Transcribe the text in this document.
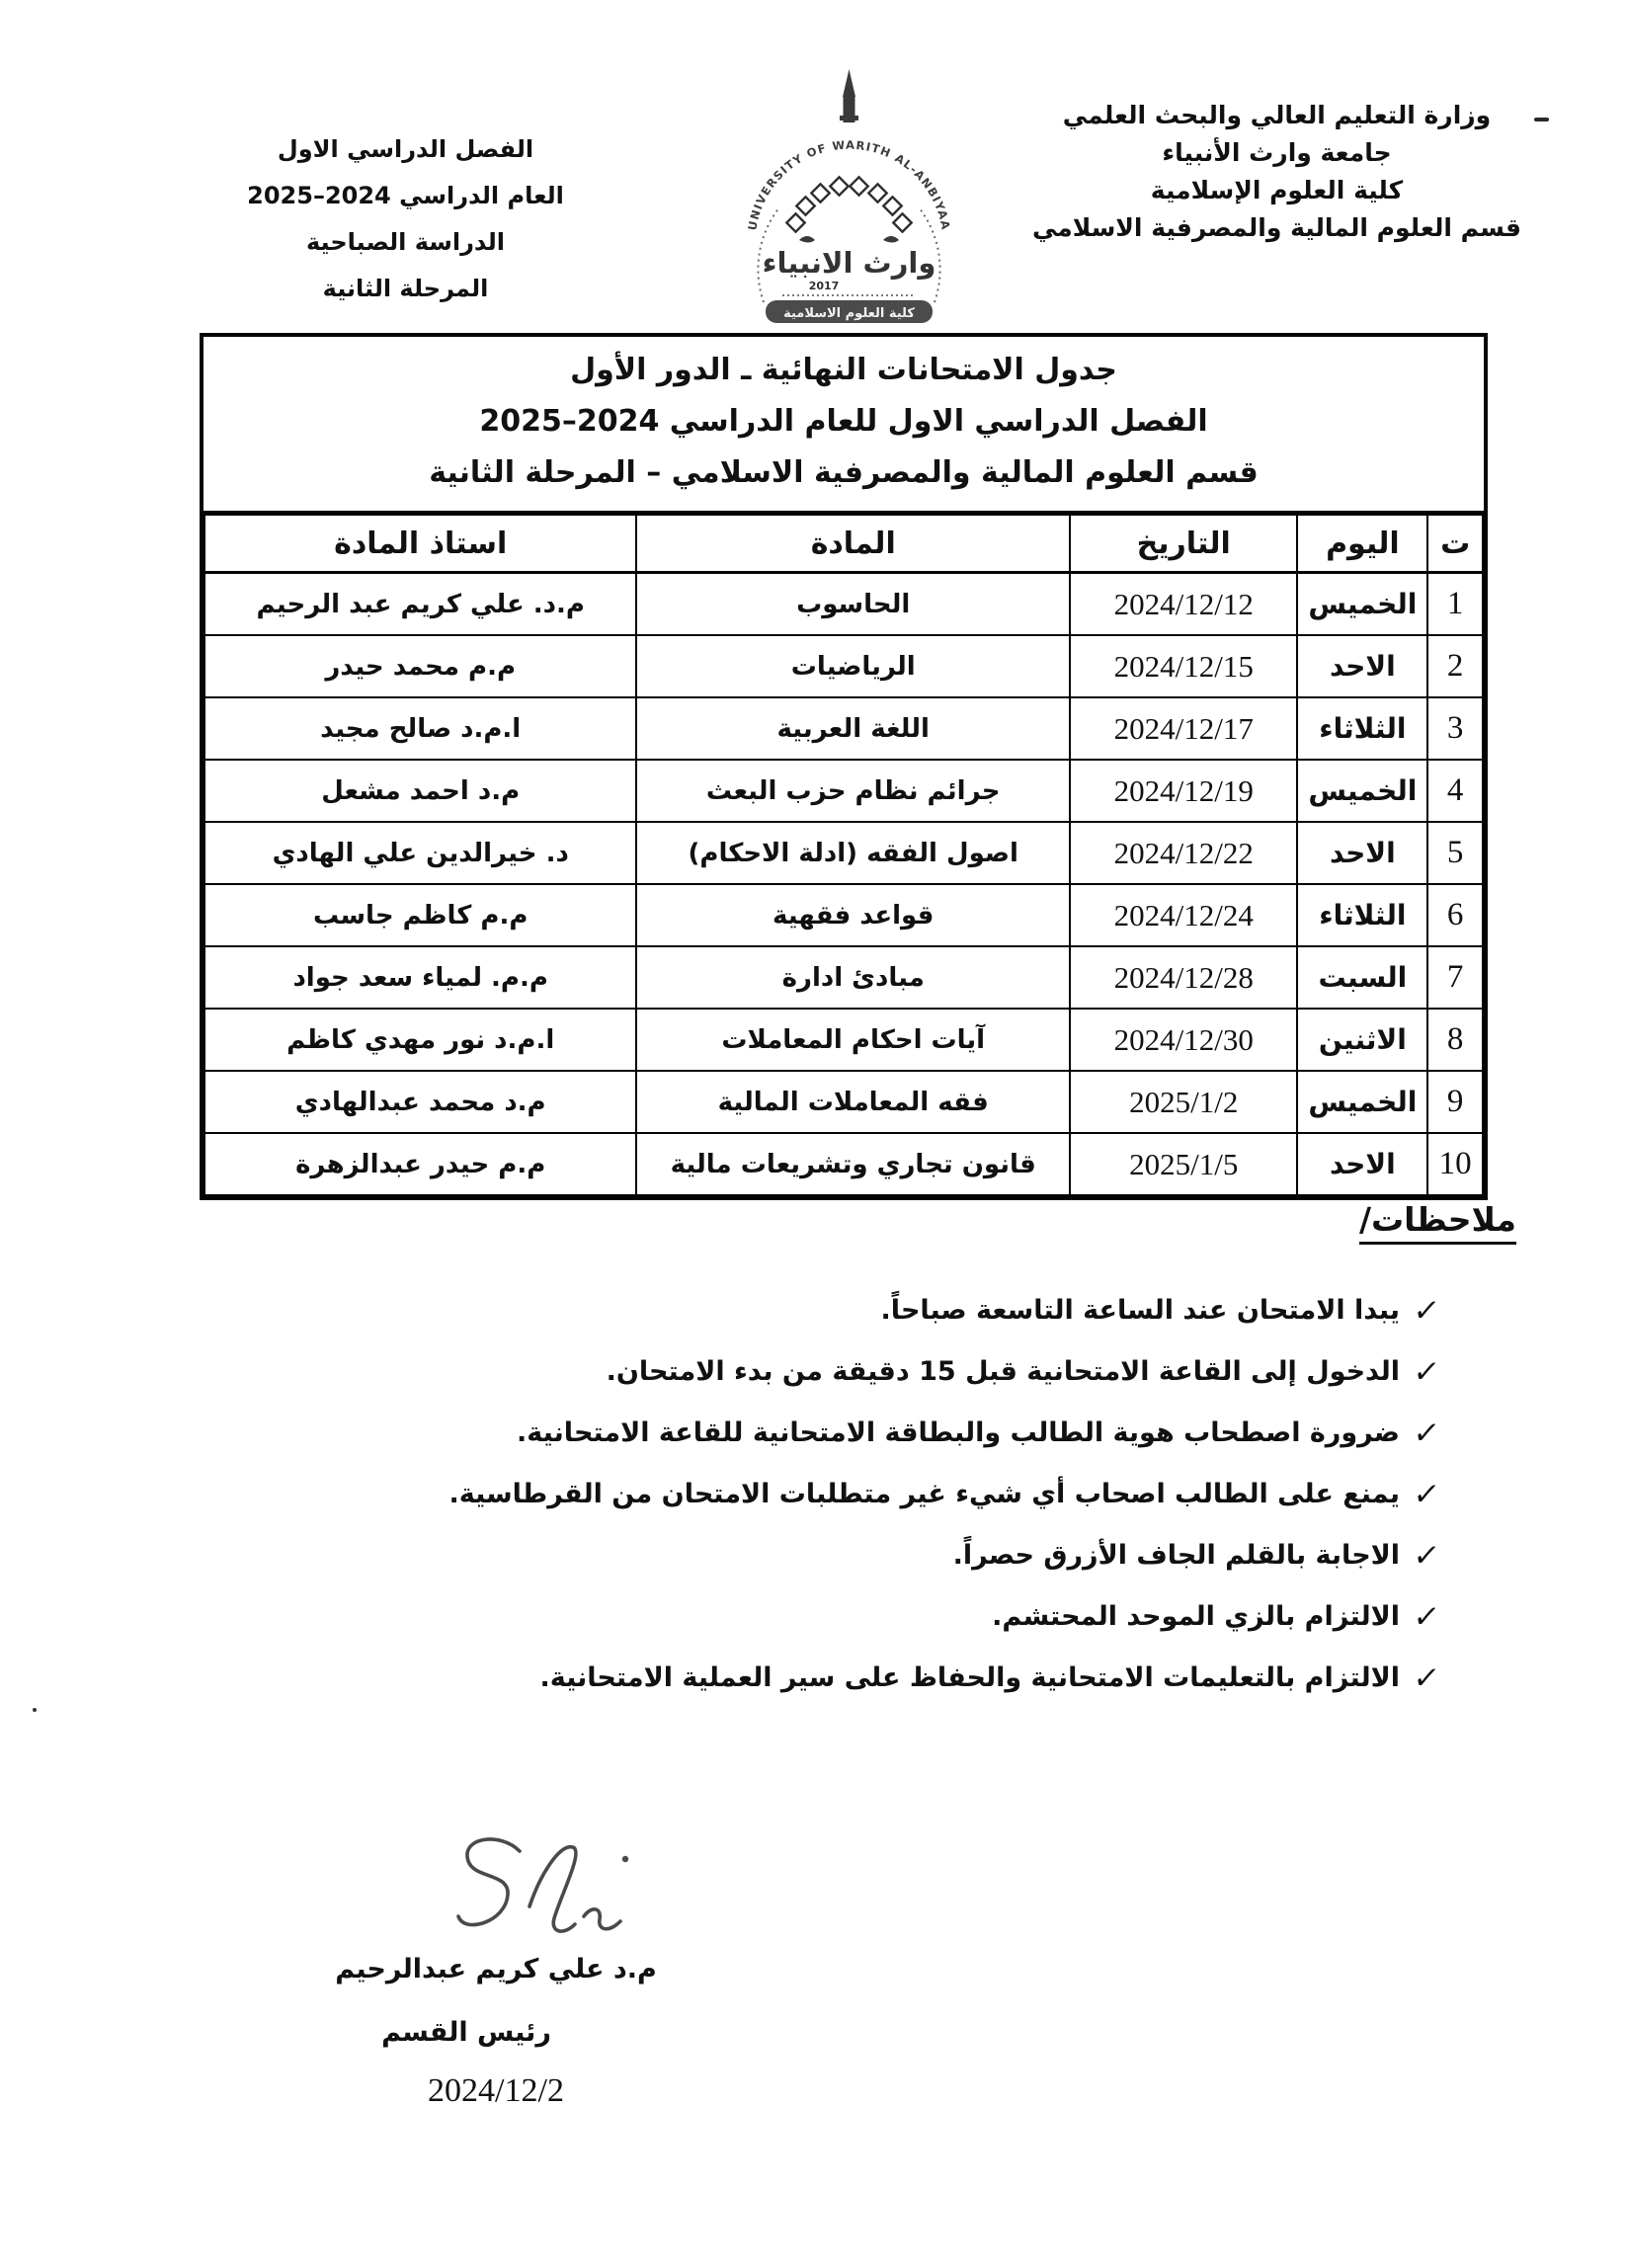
وزارة التعليم العالي والبحث العلمي
جامعة وارث الأنبياء
كلية العلوم الإسلامية
قسم العلوم المالية والمصرفية الاسلامي
الفصل الدراسي الاول
العام الدراسي 2024–2025
الدراسة الصباحية
المرحلة الثانية
UNIVERSITY OF WARITH AL-ANBIYAA
وارث الانبياء
2017
كلية العلوم الاسلامية
جدول الامتحانات النهائية ـ الدور الأول
الفصل الدراسي الاول للعام الدراسي 2024–2025
قسم العلوم المالية والمصرفية الاسلامي – المرحلة الثانية
ت	اليوم	التاريخ	المادة	استاذ المادة
1	الخميس	2024/12/12	الحاسوب	م.د. علي كريم عبد الرحيم
2	الاحد	2024/12/15	الرياضيات	م.م محمد حيدر
3	الثلاثاء	2024/12/17	اللغة العربية	ا.م.د صالح مجيد
4	الخميس	2024/12/19	جرائم نظام حزب البعث	م.د احمد مشعل
5	الاحد	2024/12/22	اصول الفقه (ادلة الاحكام)	د. خيرالدين علي الهادي
6	الثلاثاء	2024/12/24	قواعد فقهية	م.م كاظم جاسب
7	السبت	2024/12/28	مبادئ ادارة	م.م. لمياء سعد جواد
8	الاثنين	2024/12/30	آيات احكام المعاملات	ا.م.د نور مهدي كاظم
9	الخميس	2025/1/2	فقه المعاملات المالية	م.د محمد عبدالهادي
10	الاحد	2025/1/5	قانون تجاري وتشريعات مالية	م.م حيدر عبدالزهرة
ملاحظات/
✓يبدا الامتحان عند الساعة التاسعة صباحاً.
✓الدخول إلى القاعة الامتحانية قبل 15 دقيقة من بدء الامتحان.
✓ضرورة اصطحاب هوية الطالب والبطاقة الامتحانية للقاعة الامتحانية.
✓يمنع على الطالب اصحاب أي شيء غير متطلبات الامتحان من القرطاسية.
✓الاجابة بالقلم الجاف الأزرق حصراً.
✓الالتزام بالزي الموحد المحتشم.
✓الالتزام بالتعليمات الامتحانية والحفاظ على سير العملية الامتحانية.
م.د علي كريم عبدالرحيم
رئيس القسم
2024/12/2
